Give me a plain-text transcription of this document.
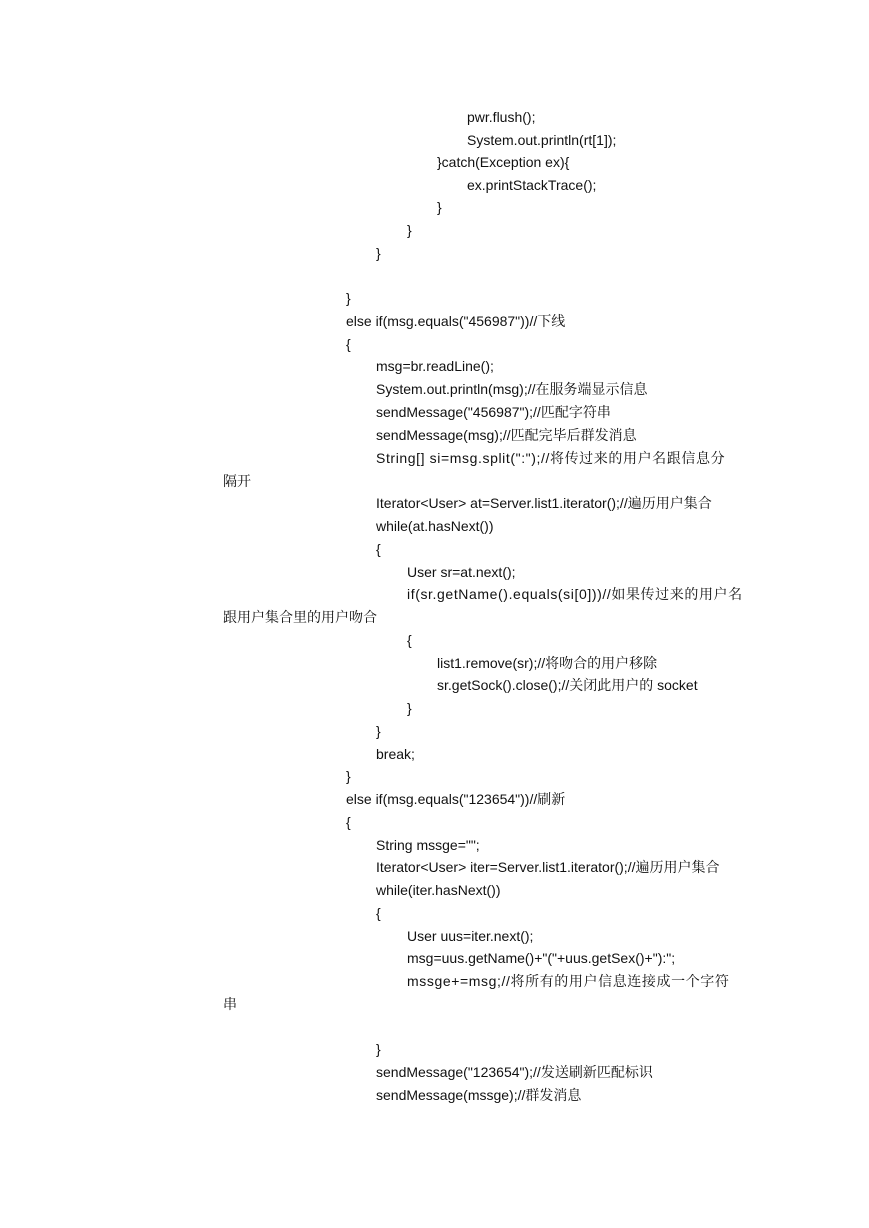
pwr.flush();
System.out.println(rt[1]);
}catch(Exception ex){
ex.printStackTrace();
}
}
}
}
else if(msg.equals("456987"))//下线
{
msg=br.readLine();
System.out.println(msg);//在服务端显示信息
sendMessage("456987");//匹配字符串
sendMessage(msg);//匹配完毕后群发消息
String[] si=msg.split(":");//将传过来的用户名跟信息分
隔开
Iterator<User> at=Server.list1.iterator();//遍历用户集合
while(at.hasNext())
{
User sr=at.next();
if(sr.getName().equals(si[0]))//如果传过来的用户名
跟用户集合里的用户吻合
{
list1.remove(sr);//将吻合的用户移除
sr.getSock().close();//关闭此用户的 socket
}
}
break;
}
else if(msg.equals("123654"))//刷新
{
String mssge="";
Iterator<User> iter=Server.list1.iterator();//遍历用户集合
while(iter.hasNext())
{
User uus=iter.next();
msg=uus.getName()+"("+uus.getSex()+"):";
mssge+=msg;//将所有的用户信息连接成一个字符
串
}
sendMessage("123654");//发送刷新匹配标识
sendMessage(mssge);//群发消息
